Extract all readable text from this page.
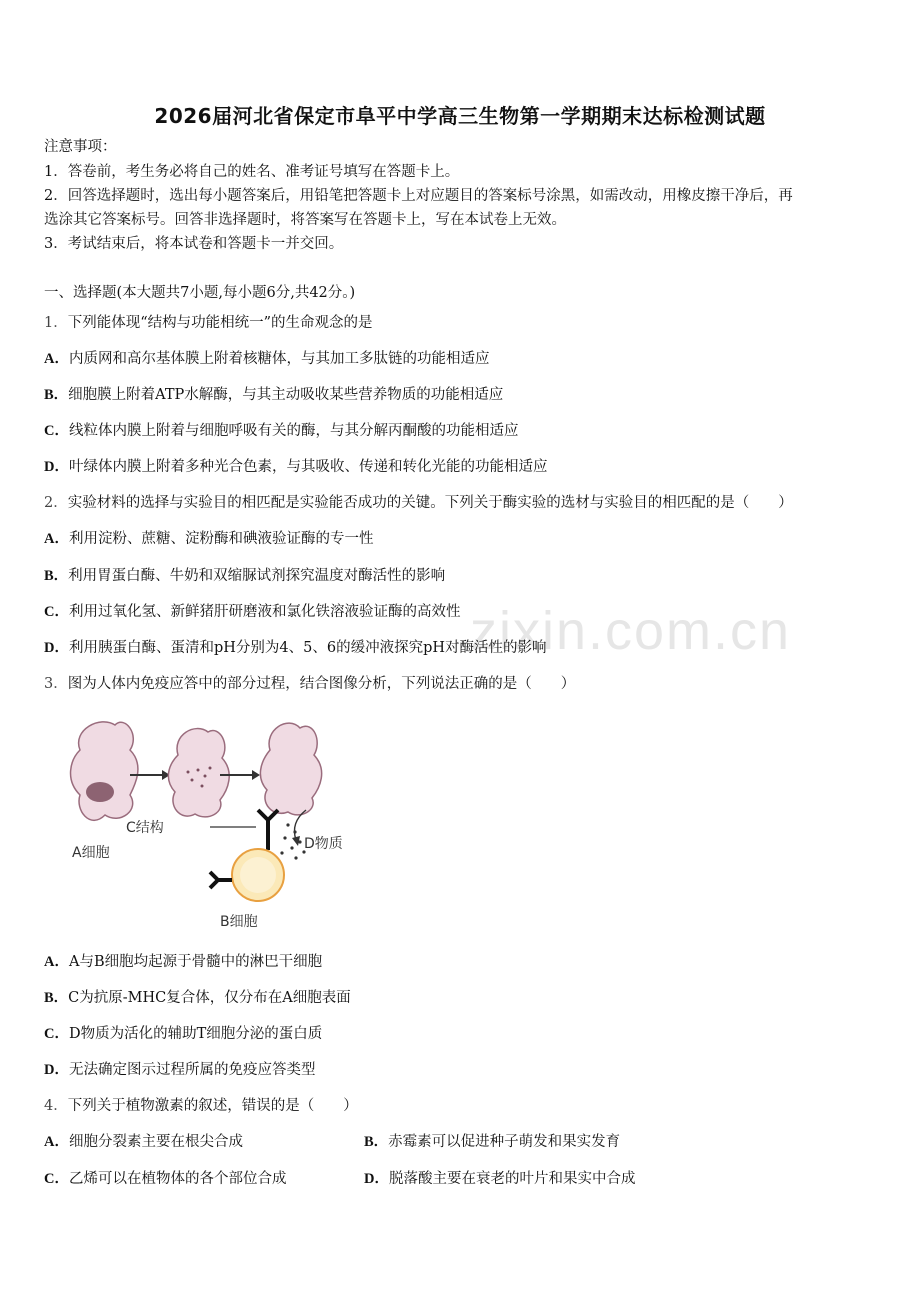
zixin.com.cn
2026届河北省保定市阜平中学高三生物第一学期期末达标检测试题
注意事项：
1．答卷前，考生务必将自己的姓名、准考证号填写在答题卡上。
2．回答选择题时，选出每小题答案后，用铅笔把答题卡上对应题目的答案标号涂黑，如需改动，用橡皮擦干净后，再
选涂其它答案标号。回答非选择题时，将答案写在答题卡上，写在本试卷上无效。
3．考试结束后，将本试卷和答题卡一并交回。
一、选择题(本大题共7小题,每小题6分,共42分。)
1．下列能体现“结构与功能相统一”的生命观念的是
A．内质网和高尔基体膜上附着核糖体，与其加工多肽链的功能相适应
B．细胞膜上附着ATP水解酶，与其主动吸收某些营养物质的功能相适应
C．线粒体内膜上附着与细胞呼吸有关的酶，与其分解丙酮酸的功能相适应
D．叶绿体内膜上附着多种光合色素，与其吸收、传递和转化光能的功能相适应
2．实验材料的选择与实验目的相匹配是实验能否成功的关键。下列关于酶实验的选材与实验目的相匹配的是（　　）
A．利用淀粉、蔗糖、淀粉酶和碘液验证酶的专一性
B．利用胃蛋白酶、牛奶和双缩脲试剂探究温度对酶活性的影响
C．利用过氧化氢、新鲜猪肝研磨液和氯化铁溶液验证酶的高效性
D．利用胰蛋白酶、蛋清和pH分别为4、5、6的缓冲液探究pH对酶活性的影响
3．图为人体内免疫应答中的部分过程，结合图像分析，下列说法正确的是（　　）
A细胞
C结构
D物质
B细胞
A．A与B细胞均起源于骨髓中的淋巴干细胞
B．C为抗原-MHC复合体，仅分布在A细胞表面
C．D物质为活化的辅助T细胞分泌的蛋白质
D．无法确定图示过程所属的免疫应答类型
4．下列关于植物激素的叙述，错误的是（　　）
A．细胞分裂素主要在根尖合成	B．赤霉素可以促进种子萌发和果实发育
C．乙烯可以在植物体的各个部位合成	D．脱落酸主要在衰老的叶片和果实中合成
